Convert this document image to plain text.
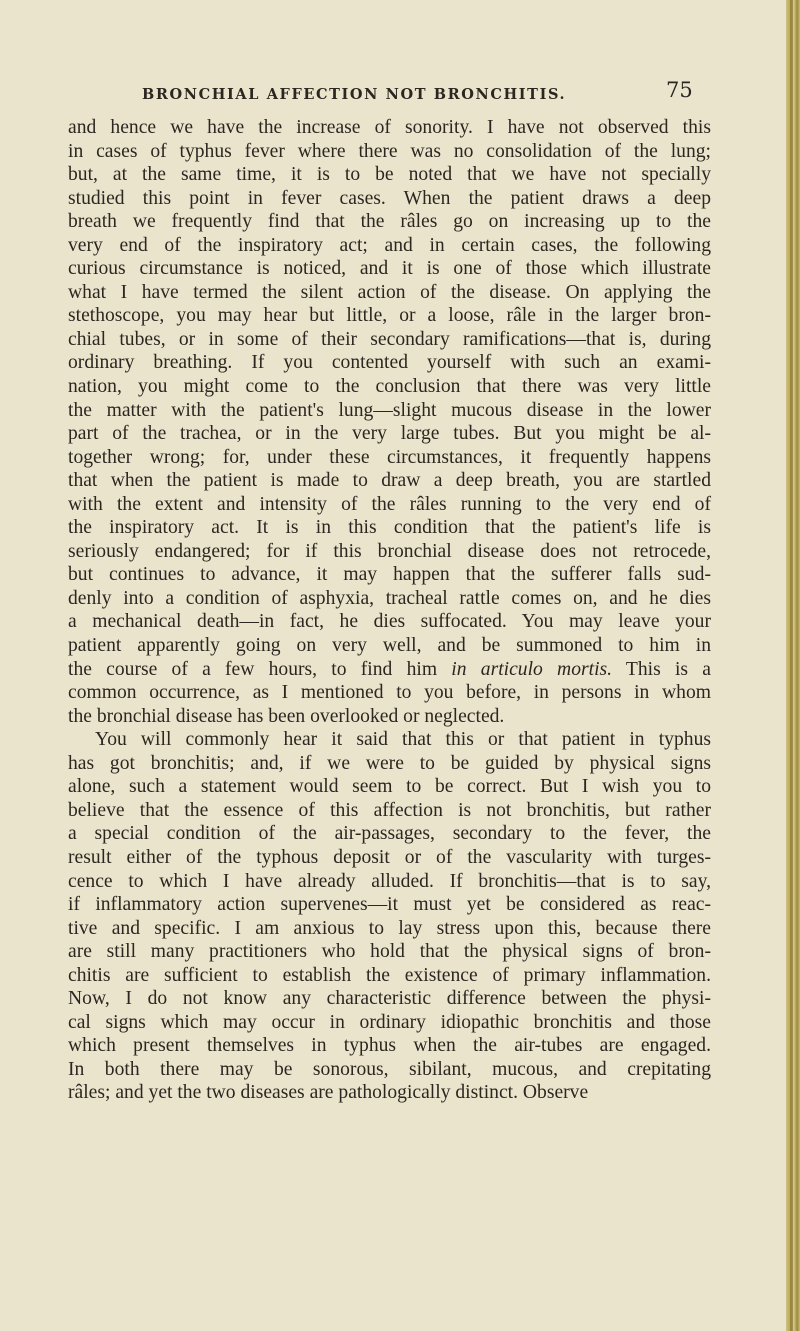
BRONCHIAL AFFECTION NOT BRONCHITIS.	75
and hence we have the increase of sonority. I have not observed this
in cases of typhus fever where there was no consolidation of the lung;
but, at the same time, it is to be noted that we have not specially
studied this point in fever cases. When the patient draws a deep
breath we frequently find that the râles go on increasing up to the
very end of the inspiratory act; and in certain cases, the following
curious circumstance is noticed, and it is one of those which illustrate
what I have termed the silent action of the disease. On applying the
stethoscope, you may hear but little, or a loose, râle in the larger bron-
chial tubes, or in some of their secondary ramifications—that is, during
ordinary breathing. If you contented yourself with such an exami-
nation, you might come to the conclusion that there was very little
the matter with the patient's lung—slight mucous disease in the lower
part of the trachea, or in the very large tubes. But you might be al-
together wrong; for, under these circumstances, it frequently happens
that when the patient is made to draw a deep breath, you are startled
with the extent and intensity of the râles running to the very end of
the inspiratory act. It is in this condition that the patient's life is
seriously endangered; for if this bronchial disease does not retrocede,
but continues to advance, it may happen that the sufferer falls sud-
denly into a condition of asphyxia, tracheal rattle comes on, and he dies
a mechanical death—in fact, he dies suffocated. You may leave your
patient apparently going on very well, and be summoned to him in
the course of a few hours, to find him in articulo mortis. This is a
common occurrence, as I mentioned to you before, in persons in whom
the bronchial disease has been overlooked or neglected.
You will commonly hear it said that this or that patient in typhus
has got bronchitis; and, if we were to be guided by physical signs
alone, such a statement would seem to be correct. But I wish you to
believe that the essence of this affection is not bronchitis, but rather
a special condition of the air-passages, secondary to the fever, the
result either of the typhous deposit or of the vascularity with turges-
cence to which I have already alluded. If bronchitis—that is to say,
if inflammatory action supervenes—it must yet be considered as reac-
tive and specific. I am anxious to lay stress upon this, because there
are still many practitioners who hold that the physical signs of bron-
chitis are sufficient to establish the existence of primary inflammation.
Now, I do not know any characteristic difference between the physi-
cal signs which may occur in ordinary idiopathic bronchitis and those
which present themselves in typhus when the air-tubes are engaged.
In both there may be sonorous, sibilant, mucous, and crepitating
râles; and yet the two diseases are pathologically distinct. Observe
